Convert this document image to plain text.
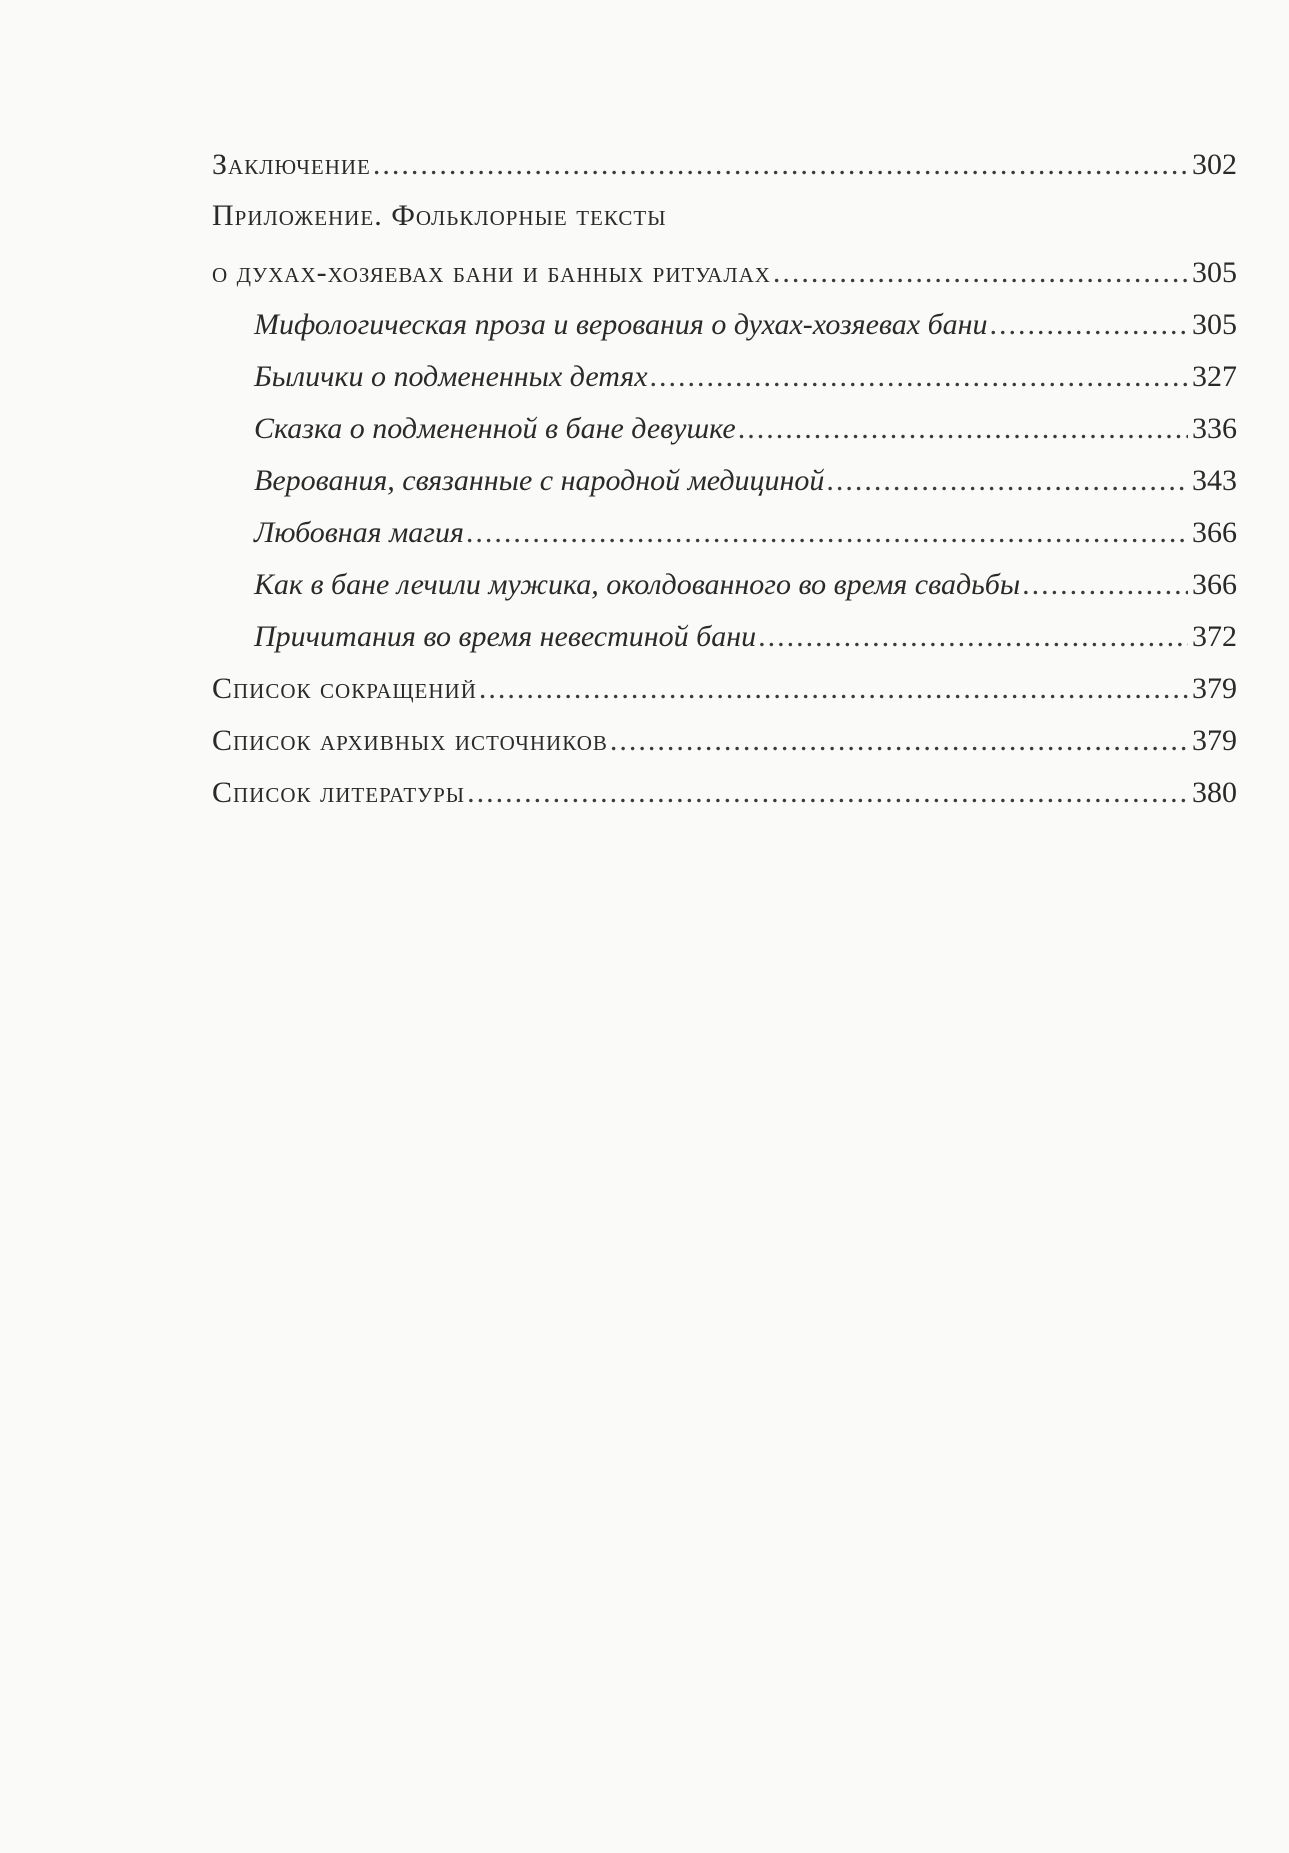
Заключение .....	302
Приложение. Фольклорные тексты
о духах-хозяевах бани и банных ритуалах .....	305
Мифологическая проза и верования о духах-хозяевах бани .....	305
Былички о подмененных детях .....	327
Сказка о подмененной в бане девушке .....	336
Верования, связанные с народной медициной .....	343
Любовная магия .....	366
Как в бане лечили мужика, околдованного во время свадьбы .....	366
Причитания во время невестиной бани .....	372
Список сокращений .....	379
Список архивных источников .....	379
Список литературы .....	380
